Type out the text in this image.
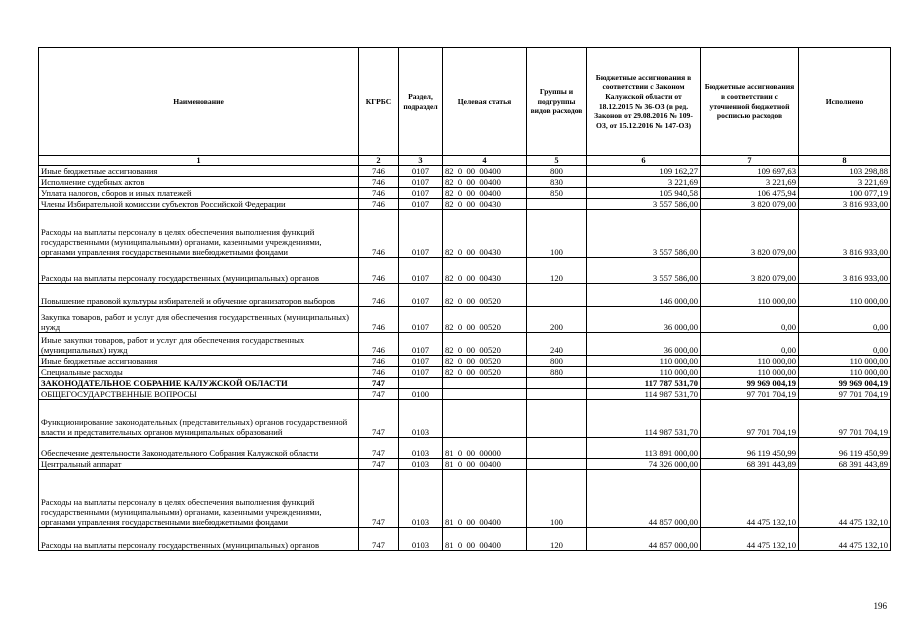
Наименование	КГРБС	Раздел, подраздел	Целевая статья	Группы и подгруппы видов расходов	Бюджетные ассигнования в соответствии с Законом Калужской области от 18.12.2015 № 36-ОЗ (в ред. Законов от 29.08.2016 № 109-ОЗ, от 15.12.2016 № 147-ОЗ)	Бюджетные ассигнования в соответствии с уточненной бюджетной росписью расходов	Исполнено
1	2	3	4	5	6	7	8
Иные бюджетные ассигнования	746	0107	82  0  00  00400	800	109 162,27	109 697,63	103 298,88
Исполнение судебных актов	746	0107	82  0  00  00400	830	3 221,69	3 221,69	3 221,69
Уплата налогов, сборов и иных платежей	746	0107	82  0  00  00400	850	105 940,58	106 475,94	100 077,19
Члены Избирательной комиссии субъектов Российской Федерации	746	0107	82  0  00  00430		3 557 586,00	3 820 079,00	3 816 933,00
Расходы на выплаты персоналу в целях обеспечения выполнения функций государственными (муниципальными) органами, казенными учреждениями, органами управления государственными внебюджетными фондами	746	0107	82  0  00  00430	100	3 557 586,00	3 820 079,00	3 816 933,00
Расходы на выплаты персоналу государственных (муниципальных) органов	746	0107	82  0  00  00430	120	3 557 586,00	3 820 079,00	3 816 933,00
Повышение правовой культуры избирателей и обучение организаторов выборов	746	0107	82  0  00  00520		146 000,00	110 000,00	110 000,00
Закупка товаров, работ и услуг для обеспечения государственных (муниципальных) нужд	746	0107	82  0  00  00520	200	36 000,00	0,00	0,00
Иные закупки товаров, работ и услуг для обеспечения государственных (муниципальных) нужд	746	0107	82  0  00  00520	240	36 000,00	0,00	0,00
Иные бюджетные ассигнования	746	0107	82  0  00  00520	800	110 000,00	110 000,00	110 000,00
Специальные расходы	746	0107	82  0  00  00520	880	110 000,00	110 000,00	110 000,00
ЗАКОНОДАТЕЛЬНОЕ СОБРАНИЕ КАЛУЖСКОЙ ОБЛАСТИ	747				117 787 531,70	99 969 004,19	99 969 004,19
ОБЩЕГОСУДАРСТВЕННЫЕ ВОПРОСЫ	747	0100			114 987 531,70	97 701 704,19	97 701 704,19
Функционирование законодательных (представительных) органов государственной власти и представительных органов муниципальных образований	747	0103			114 987 531,70	97 701 704,19	97 701 704,19
Обеспечение деятельности Законодательного Собрания Калужской области	747	0103	81  0  00  00000		113 891 000,00	96 119 450,99	96 119 450,99
Центральный аппарат	747	0103	81  0  00  00400		74 326 000,00	68 391 443,89	68 391 443,89
Расходы на выплаты персоналу в целях обеспечения выполнения функций государственными (муниципальными) органами, казенными учреждениями, органами управления государственными внебюджетными фондами	747	0103	81  0  00  00400	100	44 857 000,00	44 475 132,10	44 475 132,10
Расходы на выплаты персоналу государственных (муниципальных) органов	747	0103	81  0  00  00400	120	44 857 000,00	44 475 132,10	44 475 132,10
196
